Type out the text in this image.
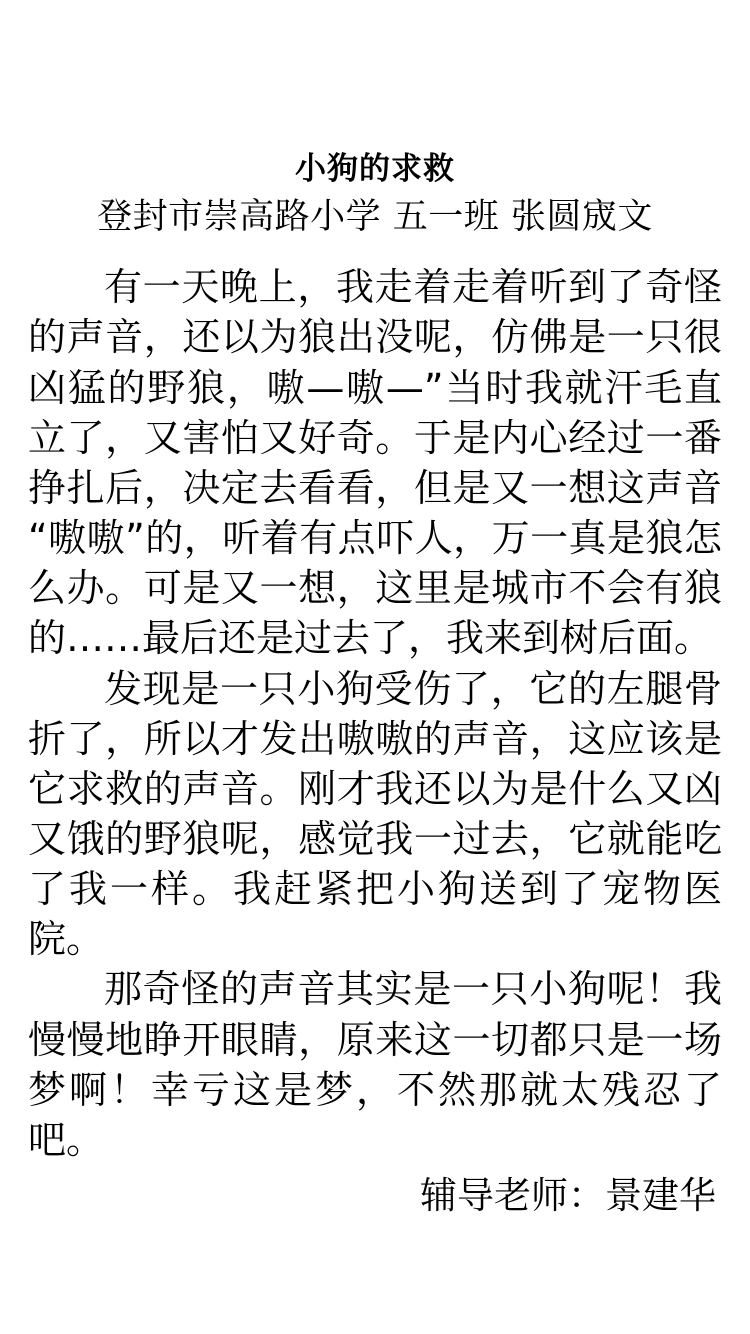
小狗的求救
登封市崇高路小学 五一班 张圆宬文

有一天晚上，我走着走着听到了奇怪的声音，还以为狼出没呢，仿佛是一只很凶猛的野狼，嗷—嗷—”当时我就汗毛直立了，又害怕又好奇。于是内心经过一番挣扎后，决定去看看，但是又一想这声音“嗷嗷”的，听着有点吓人，万一真是狼怎么办。可是又一想，这里是城市不会有狼的……最后还是过去了，我来到树后面。

发现是一只小狗受伤了，它的左腿骨折了，所以才发出嗷嗷的声音，这应该是它求救的声音。刚才我还以为是什么又凶又饿的野狼呢，感觉我一过去，它就能吃了我一样。我赶紧把小狗送到了宠物医院。

那奇怪的声音其实是一只小狗呢！我慢慢地睁开眼睛，原来这一切都只是一场梦啊！幸亏这是梦，不然那就太残忍了吧。

辅导老师：景建华
